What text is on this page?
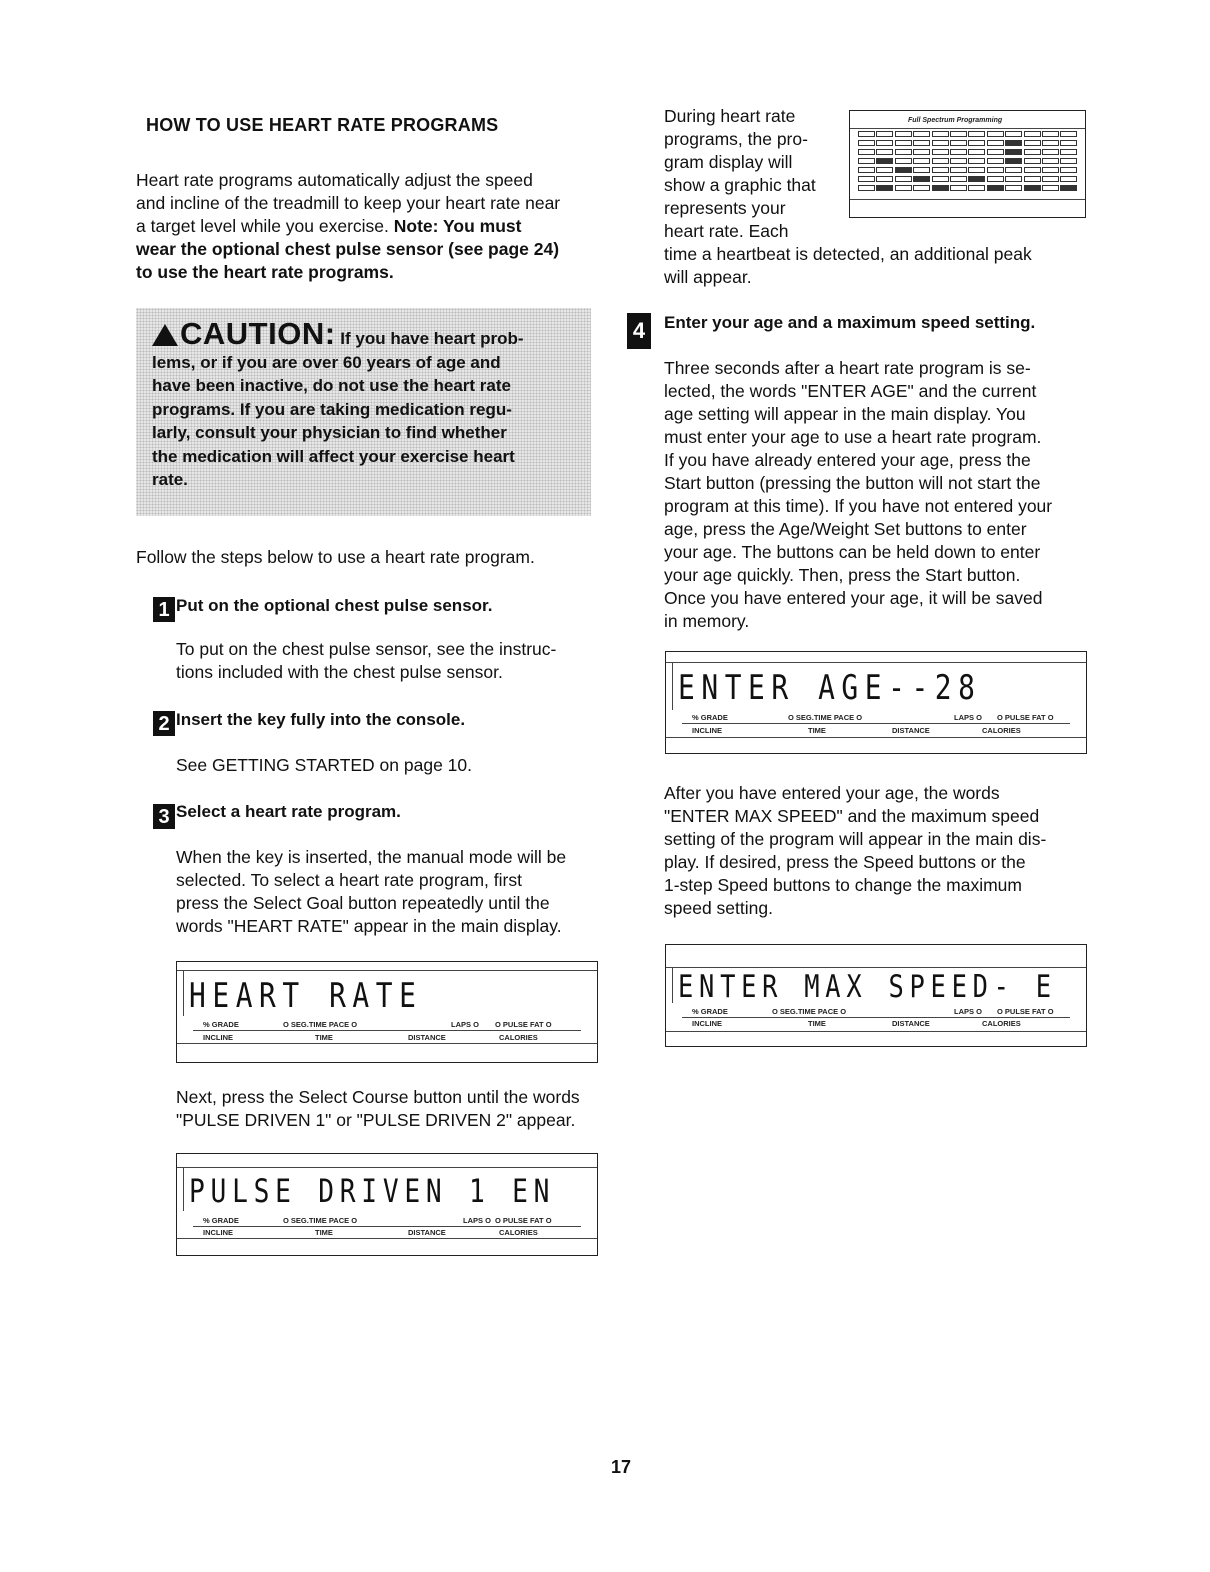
HOW TO USE HEART RATE PROGRAMS
Heart rate programs automatically adjust the speed
and incline of the treadmill to keep your heart rate near
a target level while you exercise. Note: You must
wear the optional chest pulse sensor (see page 24)
to use the heart rate programs.
CAUTION: If you have heart prob-
lems, or if you are over 60 years of age and
have been inactive, do not use the heart rate
programs. If you are taking medication regu-
larly, consult your physician to find whether
the medication will affect your exercise heart
rate.
Follow the steps below to use a heart rate program.
1 Put on the optional chest pulse sensor.
To put on the chest pulse sensor, see the instruc-
tions included with the chest pulse sensor.
2 Insert the key fully into the console.
See GETTING STARTED on page 10.
3 Select a heart rate program.
When the key is inserted, the manual mode will be
selected. To select a heart rate program, first
press the Select Goal button repeatedly until the
words "HEART RATE" appear in the main display.
HEART RATE
% GRADE	O SEG.TIME PACE O	LAPS O O PULSE FAT O
INCLINE	TIME	DISTANCE	CALORIES
Next, press the Select Course button until the words
"PULSE DRIVEN 1" or "PULSE DRIVEN 2" appear.
PULSE DRIVEN 1 EN
% GRADE	O SEG.TIME PACE O	LAPS O O PULSE FAT O
INCLINE	TIME	DISTANCE	CALORIES
During heart rate
programs, the pro-
gram display will
show a graphic that
represents your
heart rate. Each
time a heartbeat is detected, an additional peak
will appear.
Full Spectrum Programming
4	Enter your age and a maximum speed setting.
Three seconds after a heart rate program is se-
lected, the words "ENTER AGE" and the current
age setting will appear in the main display. You
must enter your age to use a heart rate program.
If you have already entered your age, press the
Start button (pressing the button will not start the
program at this time). If you have not entered your
age, press the Age/Weight Set buttons to enter
your age. The buttons can be held down to enter
your age quickly. Then, press the Start button.
Once you have entered your age, it will be saved
in memory.
ENTER AGE--28
% GRADE	O SEG.TIME PACE O	LAPS O O PULSE FAT O
INCLINE	TIME	DISTANCE	CALORIES
After you have entered your age, the words
"ENTER MAX SPEED" and the maximum speed
setting of the program will appear in the main dis-
play. If desired, press the Speed buttons or the
1-step Speed buttons to change the maximum
speed setting.
ENTER MAX SPEED- E
% GRADE	O SEG.TIME PACE O	LAPS O O PULSE FAT O
INCLINE	TIME	DISTANCE	CALORIES
17
